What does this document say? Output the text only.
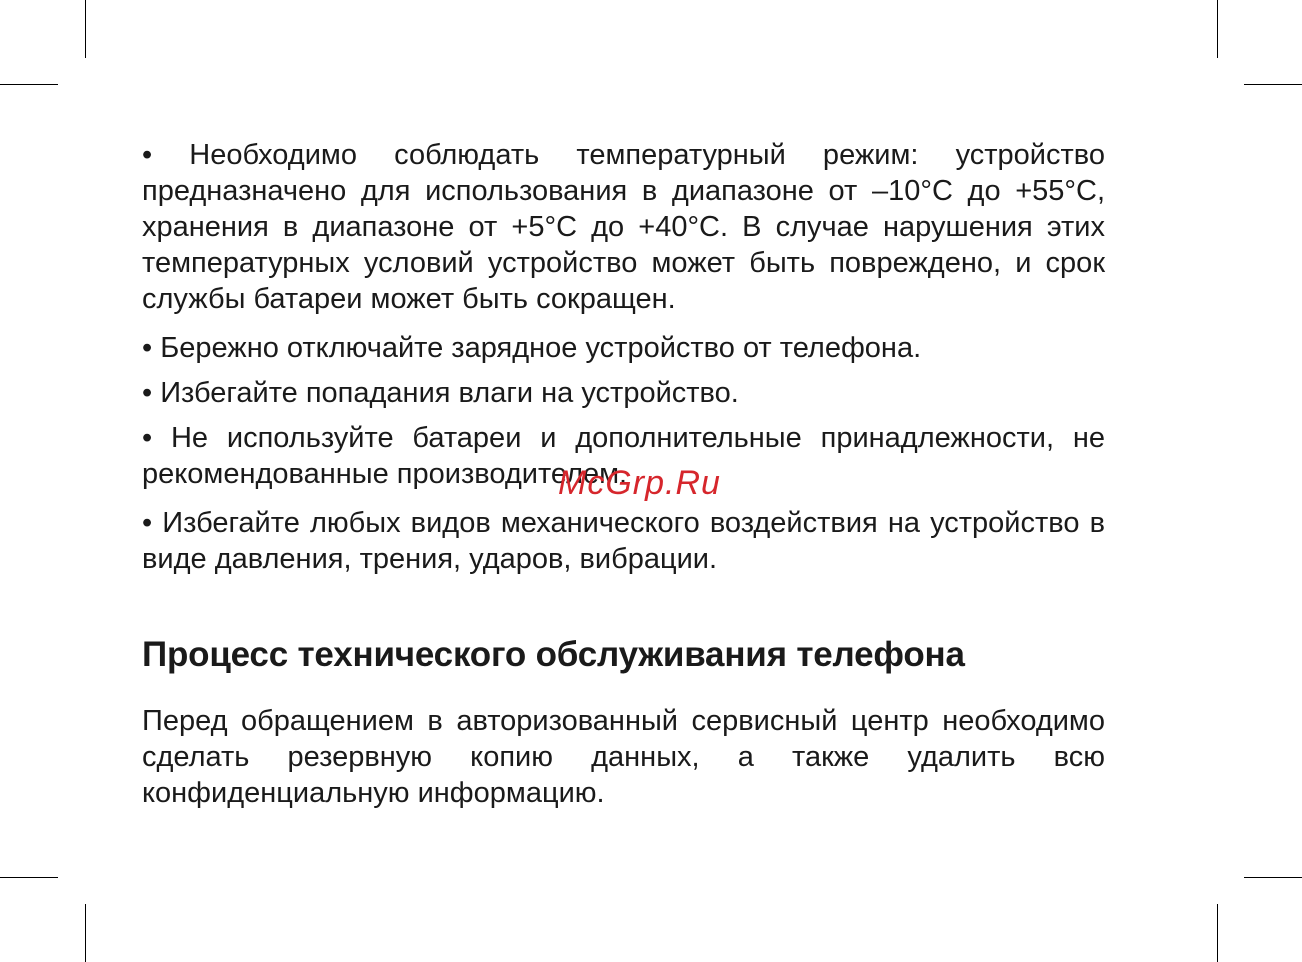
• Необходимо соблюдать температурный режим: устройство предназначено для использования в диапазоне от –10°С до +55°С, хранения в диапазоне от +5°С до +40°С. В случае нарушения этих температурных условий устройство может быть повреждено, и срок службы батареи может быть сокращен.

• Бережно отключайте зарядное устройство от телефона.

• Избегайте попадания влаги на устройство.

• Не используйте батареи и дополнительные принадлежности, не рекомендованные производителем.

• Избегайте любых видов механического воздействия на устройство в виде давления, трения, ударов, вибрации.

Процесс технического обслуживания телефона

Перед обращением в авторизованный сервисный центр необходимо сделать резервную копию данных, а также удалить всю конфиденциальную информацию.

McGrp.Ru
